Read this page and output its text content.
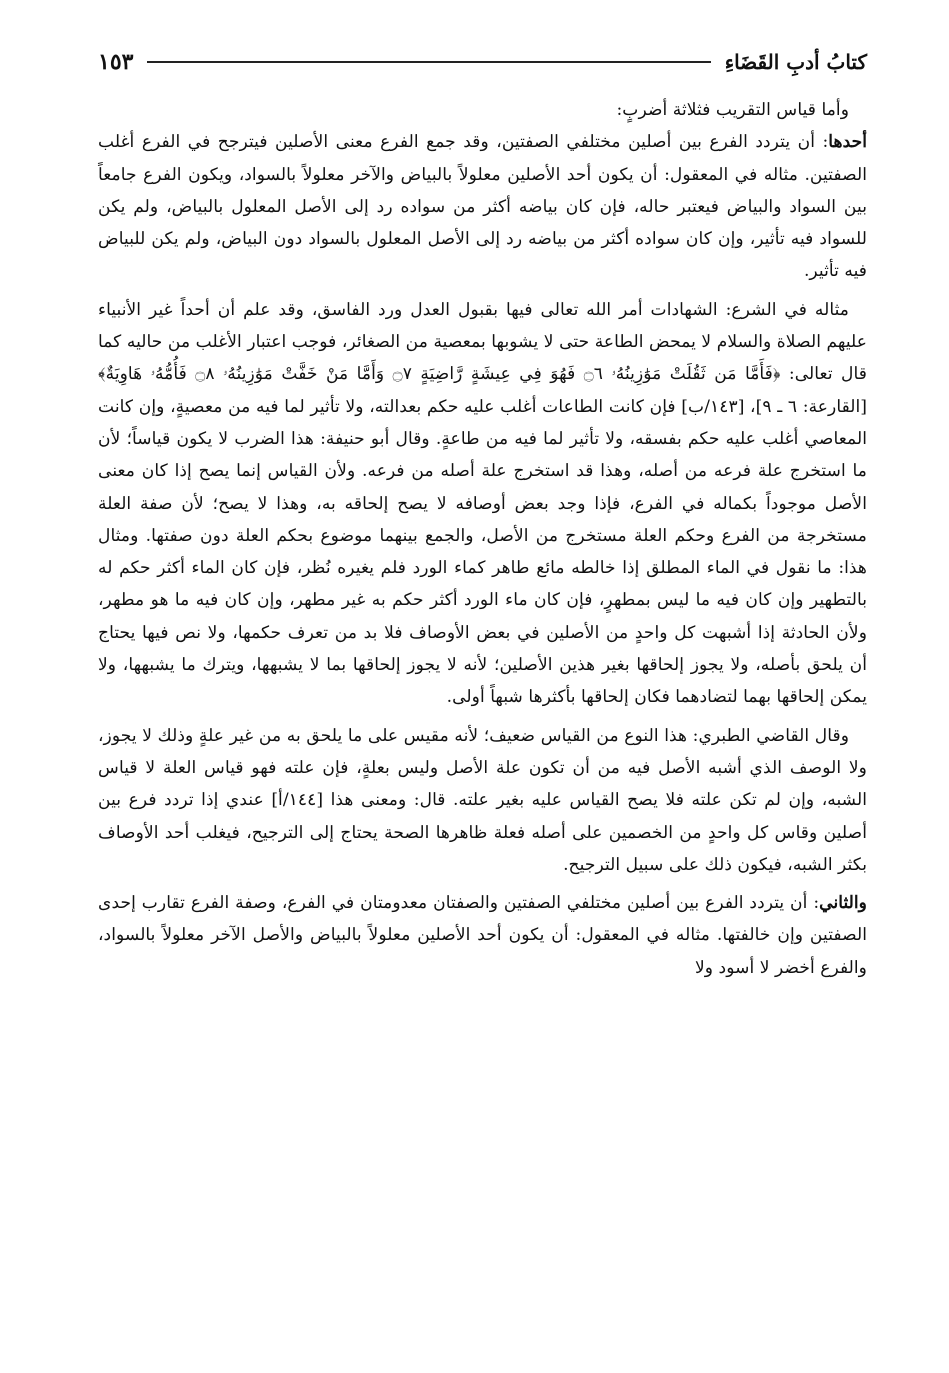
كتابُ أدبِ القَضَاءِ
١٥٣

وأما قياس التقريب فثلاثة أضربٍ:

أحدها: أن يتردد الفرع بين أصلين مختلفي الصفتين، وقد جمع الفرع معنى الأصلين فيترجح في الفرع أغلب الصفتين. مثاله في المعقول: أن يكون أحد الأصلين معلولاً بالبياض والآخر معلولاً بالسواد، ويكون الفرع جامعاً بين السواد والبياض فيعتبر حاله، فإن كان بياضه أكثر من سواده رد إلى الأصل المعلول بالبياض، ولم يكن للسواد فيه تأثير، وإن كان سواده أكثر من بياضه رد إلى الأصل المعلول بالسواد دون البياض، ولم يكن للبياض فيه تأثير.

مثاله في الشرع: الشهادات أمر الله تعالى فيها بقبول العدل ورد الفاسق، وقد علم أن أحداً غير الأنبياء عليهم الصلاة والسلام لا يمحض الطاعة حتى لا يشوبها بمعصية من الصغائر، فوجب اعتبار الأغلب من حاليه كما قال تعالى: ﴿فَأَمَّا مَن ثَقُلَتْ مَوَٰزِينُهُۥ ۝٦ فَهُوَ فِي عِيشَةٍ رَّاضِيَةٍ ۝٧ وَأَمَّا مَنْ خَفَّتْ مَوَٰزِينُهُۥ ۝٨ فَأُمُّهُۥ هَاوِيَةٌ﴾ [القارعة: ٦ ـ ٩]، [١٤٣/ب] فإن كانت الطاعات أغلب عليه حكم بعدالته، ولا تأثير لما فيه من معصيةٍ، وإن كانت المعاصي أغلب عليه حكم بفسقه، ولا تأثير لما فيه من طاعةٍ. وقال أبو حنيفة: هذا الضرب لا يكون قياساً؛ لأن ما استخرج علة فرعه من أصله، وهذا قد استخرج علة أصله من فرعه. ولأن القياس إنما يصح إذا كان معنى الأصل موجوداً بكماله في الفرع، فإذا وجد بعض أوصافه لا يصح إلحاقه به، وهذا لا يصح؛ لأن صفة العلة مستخرجة من الفرع وحكم العلة مستخرج من الأصل، والجمع بينهما موضوع بحكم العلة دون صفتها. ومثال هذا: ما نقول في الماء المطلق إذا خالطه مائع طاهر كماء الورد فلم يغيره نُظر، فإن كان الماء أكثر حكم له بالتطهير وإن كان فيه ما ليس بمطهرٍ، فإن كان ماء الورد أكثر حكم به غير مطهر، وإن كان فيه ما هو مطهر، ولأن الحادثة إذا أشبهت كل واحدٍ من الأصلين في بعض الأوصاف فلا بد من تعرف حكمها، ولا نص فيها يحتاج أن يلحق بأصله، ولا يجوز إلحاقها بغير هذين الأصلين؛ لأنه لا يجوز إلحاقها بما لا يشبهها، ويترك ما يشبهها، ولا يمكن إلحاقها بهما لتضادهما فكان إلحاقها بأكثرها شبهاً أولى.

وقال القاضي الطبري: هذا النوع من القياس ضعيف؛ لأنه مقيس على ما يلحق به من غير علةٍ وذلك لا يجوز، ولا الوصف الذي أشبه الأصل فيه من أن تكون علة الأصل وليس بعلةٍ، فإن علته فهو قياس العلة لا قياس الشبه، وإن لم تكن علته فلا يصح القياس عليه بغير علته. قال: ومعنى هذا [١٤٤/أ] عندي إذا تردد فرع بين أصلين وقاس كل واحدٍ من الخصمين على أصله فعلة ظاهرها الصحة يحتاج إلى الترجيح، فيغلب أحد الأوصاف بكثر الشبه، فيكون ذلك على سبيل الترجيح.

والثاني: أن يتردد الفرع بين أصلين مختلفي الصفتين والصفتان معدومتان في الفرع، وصفة الفرع تقارب إحدى الصفتين وإن خالفتها. مثاله في المعقول: أن يكون أحد الأصلين معلولاً بالبياض والأصل الآخر معلولاً بالسواد، والفرع أخضر لا أسود ولا
